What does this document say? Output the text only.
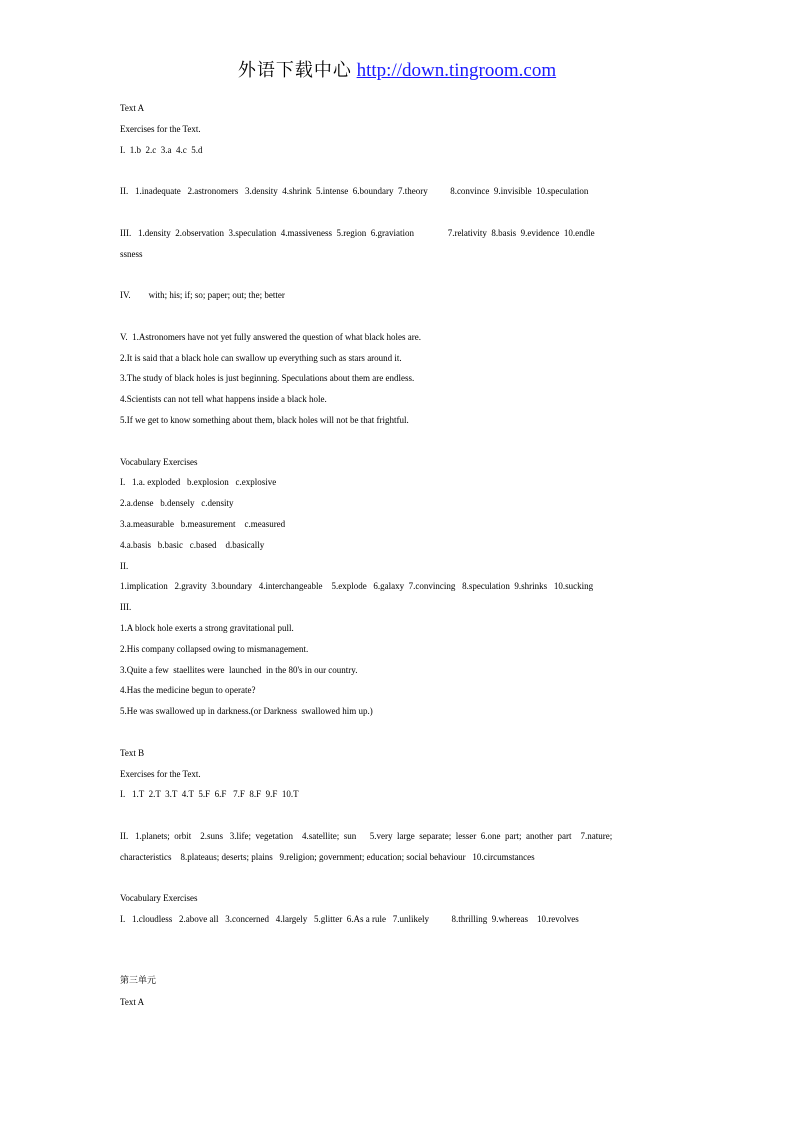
外语下载中心 http://down.tingroom.com
Text A
Exercises for the Text.
I.  1.b  2.c  3.a  4.c  5.d
II.   1.inadequate   2.astronomers   3.density  4.shrink  5.intense  6.boundary  7.theory          8.convince  9.invisible  10.speculation
III.   1.density  2.observation  3.speculation  4.massiveness  5.region  6.graviation               7.relativity  8.basis  9.evidence  10.endle
ssness
IV.        with; his; if; so; paper; out; the; better
V.  1.Astronomers have not yet fully answered the question of what black holes are.
2.It is said that a black hole can swallow up everything such as stars around it.
3.The study of black holes is just beginning. Speculations about them are endless.
4.Scientists can not tell what happens inside a black hole.
5.If we get to know something about them, black holes will not be that frightful.
Vocabulary Exercises
I.   1.a. exploded   b.explosion   c.explosive
2.a.dense   b.densely   c.density
3.a.measurable   b.measurement    c.measured
4.a.basis   b.basic   c.based    d.basically
II.
1.implication   2.gravity  3.boundary   4.interchangeable    5.explode   6.galaxy  7.convincing   8.speculation  9.shrinks   10.sucking
III.
1.A block hole exerts a strong gravitational pull.
2.His company collapsed owing to mismanagement.
3.Quite a few  staellites were  launched  in the 80's in our country.
4.Has the medicine begun to operate?
5.He was swallowed up in darkness.(or Darkness  swallowed him up.)
Text B
Exercises for the Text.
I.   1.T  2.T  3.T  4.T  5.F  6.F   7.F  8.F  9.F  10.T
II.   1.planets;  orbit    2.suns   3.life;  vegetation    4.satellite;  sun      5.very  large  separate;  lesser  6.one  part;  another  part    7.nature;
characteristics    8.plateaus; deserts; plains   9.religion; government; education; social behaviour   10.circumstances
Vocabulary Exercises
I.   1.cloudless   2.above all   3.concerned   4.largely   5.glitter  6.As a rule   7.unlikely          8.thrilling  9.whereas    10.revolves
第三单元
Text A
